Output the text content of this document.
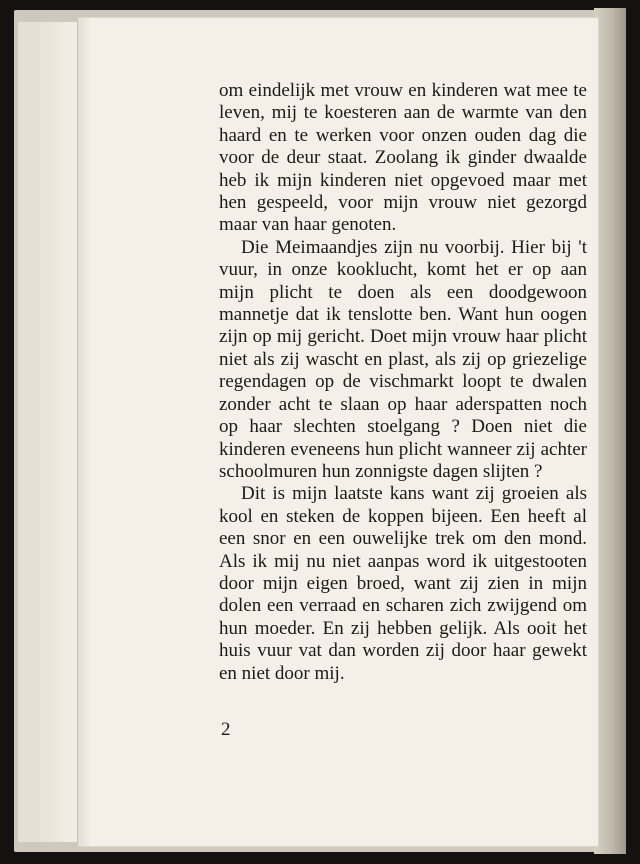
om eindelijk met vrouw en kinderen wat mee te leven, mij te koesteren aan de warmte van den haard en te werken voor onzen ouden dag die voor de deur staat. Zoolang ik ginder dwaalde heb ik mijn kinderen niet opgevoed maar met hen gespeeld, voor mijn vrouw niet gezorgd maar van haar genoten.

Die Meimaandjes zijn nu voorbij. Hier bij 't vuur, in onze kooklucht, komt het er op aan mijn plicht te doen als een doodgewoon mannetje dat ik tenslotte ben. Want hun oogen zijn op mij gericht. Doet mijn vrouw haar plicht niet als zij wascht en plast, als zij op griezelige regendagen op de vischmarkt loopt te dwalen zonder acht te slaan op haar aderspatten noch op haar slechten stoelgang ? Doen niet die kinderen eveneens hun plicht wanneer zij achter schoolmuren hun zonnigste dagen slijten ?

Dit is mijn laatste kans want zij groeien als kool en steken de koppen bijeen. Een heeft al een snor en een ouwelijke trek om den mond. Als ik mij nu niet aanpas word ik uitgestooten door mijn eigen broed, want zij zien in mijn dolen een verraad en scharen zich zwijgend om hun moeder. En zij hebben gelijk. Als ooit het huis vuur vat dan worden zij door haar gewekt en niet door mij.

2
